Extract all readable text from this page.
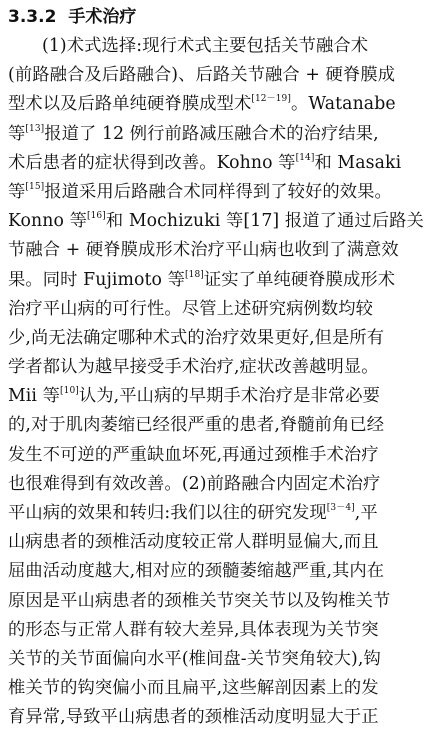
3.3.2 手术治疗
(1)术式选择:现行术式主要包括关节融合术
(前路融合及后路融合)、后路关节融合 + 硬脊膜成
型术以及后路单纯硬脊膜成型术[12－19]。Watanabe
等[13]报道了 12 例行前路减压融合术的治疗结果,
术后患者的症状得到改善。Kohno 等[14]和 Masaki
等[15]报道采用后路融合术同样得到了较好的效果。
Konno 等[16]和 Mochizuki 等[17] 报道了通过后路关
节融合 + 硬脊膜成形术治疗平山病也收到了满意效
果。同时 Fujimoto 等[18]证实了单纯硬脊膜成形术
治疗平山病的可行性。尽管上述研究病例数均较
少,尚无法确定哪种术式的治疗效果更好,但是所有
学者都认为越早接受手术治疗,症状改善越明显。
Mii 等[10]认为,平山病的早期手术治疗是非常必要
的,对于肌肉萎缩已经很严重的患者,脊髓前角已经
发生不可逆的严重缺血坏死,再通过颈椎手术治疗
也很难得到有效改善。(2)前路融合内固定术治疗
平山病的效果和转归:我们以往的研究发现[3－4],平
山病患者的颈椎活动度较正常人群明显偏大,而且
屈曲活动度越大,相对应的颈髓萎缩越严重,其内在
原因是平山病患者的颈椎关节突关节以及钩椎关节
的形态与正常人群有较大差异,具体表现为关节突
关节的关节面偏向水平(椎间盘-关节突角较大),钩
椎关节的钩突偏小而且扁平,这些解剖因素上的发
育异常,导致平山病患者的颈椎活动度明显大于正
